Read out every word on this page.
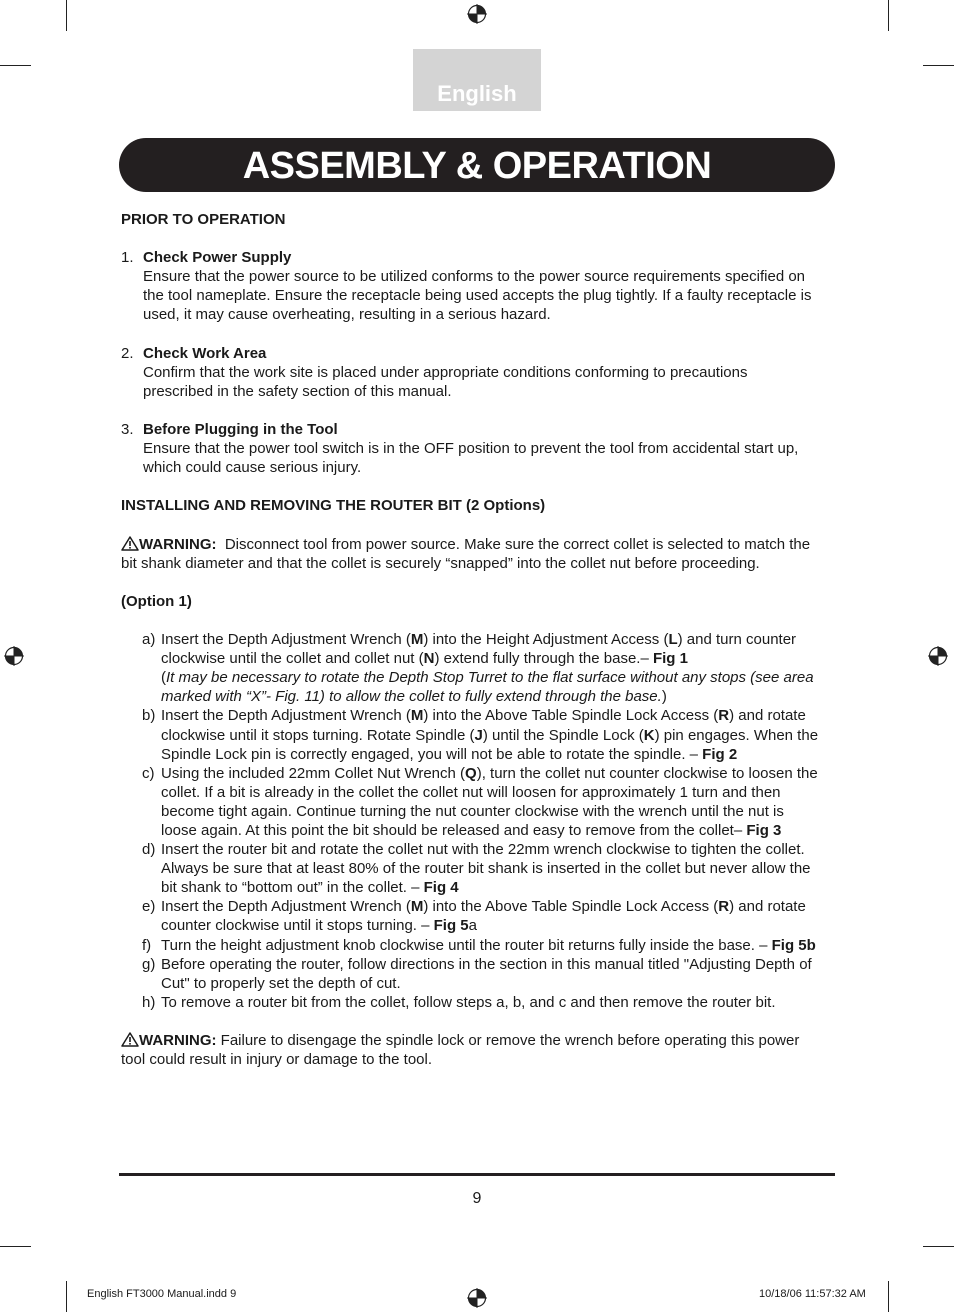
English
ASSEMBLY & OPERATION

PRIOR TO OPERATION

1. Check Power Supply

Ensure that the power source to be utilized conforms to the power source requirements specified on the tool nameplate. Ensure the receptacle being used accepts the plug tightly. If a faulty receptacle is used, it may cause overheating, resulting in a serious hazard.

2. Check Work Area

Confirm that the work site is placed under appropriate conditions conforming to precautions prescribed in the safety section of this manual.

3. Before Plugging in the Tool

Ensure that the power tool switch is in the OFF position to prevent the tool from accidental start up, which could cause serious injury.

INSTALLING AND REMOVING THE ROUTER BIT (2 Options)

WARNING: Disconnect tool from power source. Make sure the correct collet is selected to match the bit shank diameter and that the collet is securely “snapped” into the collet nut before proceeding.

(Option 1)

a) Insert the Depth Adjustment Wrench (M) into the Height Adjustment Access (L) and turn counter clockwise until the collet and collet nut (N) extend fully through the base.– Fig 1
(It may be necessary to rotate the Depth Stop Turret to the flat surface without any stops (see area marked with “X”- Fig. 11) to allow the collet to fully extend through the base.)

b) Insert the Depth Adjustment Wrench (M) into the Above Table Spindle Lock Access (R) and rotate clockwise until it stops turning. Rotate Spindle (J) until the Spindle Lock (K) pin engages. When the Spindle Lock pin is correctly engaged, you will not be able to rotate the spindle. – Fig 2

c) Using the included 22mm Collet Nut Wrench (Q), turn the collet nut counter clockwise to loosen the collet. If a bit is already in the collet the collet nut will loosen for approximately 1 turn and then become tight again. Continue turning the nut counter clockwise with the wrench until the nut is loose again. At this point the bit should be released and easy to remove from the collet– Fig 3

d) Insert the router bit and rotate the collet nut with the 22mm wrench clockwise to tighten the collet. Always be sure that at least 80% of the router bit shank is inserted in the collet but never allow the bit shank to “bottom out” in the collet. – Fig 4

e) Insert the Depth Adjustment Wrench (M) into the Above Table Spindle Lock Access (R) and rotate counter clockwise until it stops turning. – Fig 5a

f) Turn the height adjustment knob clockwise until the router bit returns fully inside the base. – Fig 5b

g) Before operating the router, follow directions in the section in this manual titled "Adjusting Depth of Cut" to properly set the depth of cut.

h) To remove a router bit from the collet, follow steps a, b, and c and then remove the router bit.

WARNING: Failure to disengage the spindle lock or remove the wrench before operating this power tool could result in injury or damage to the tool.

9
English FT3000 Manual.indd 9	10/18/06 11:57:32 AM
